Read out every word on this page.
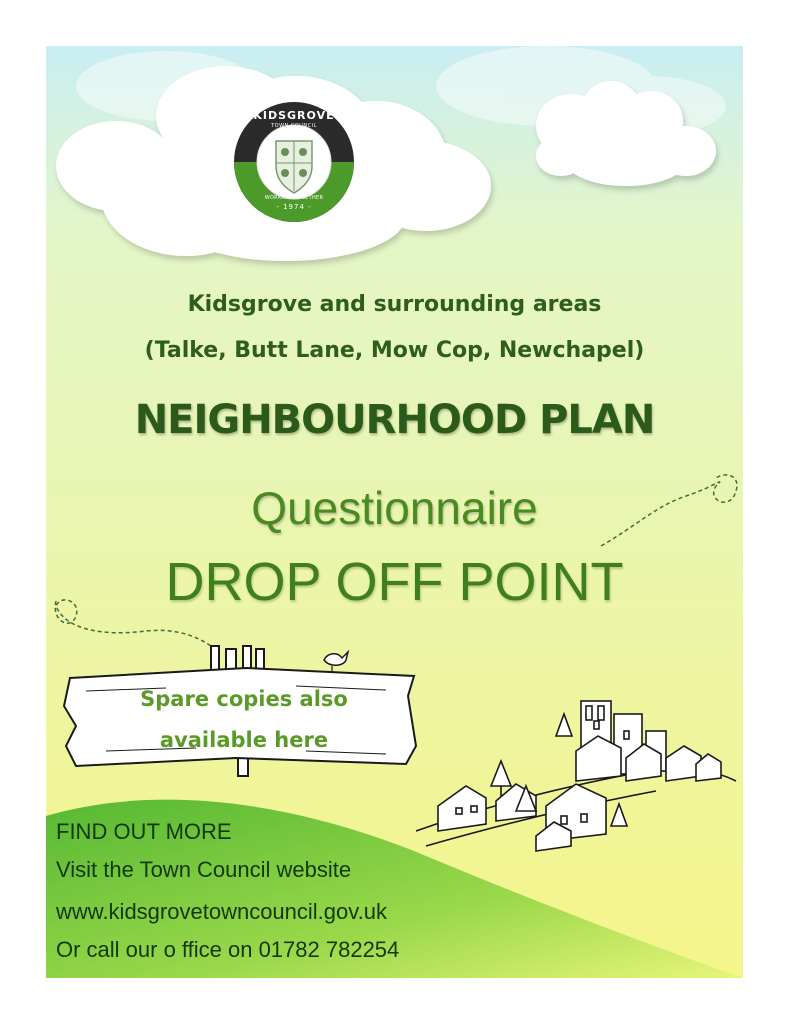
KIDSGROVE
TOWN COUNCIL
WORKING TOGETHER
- 1974 -
Kidsgrove and surrounding areas
(Talke, Butt Lane, Mow Cop, Newchapel)
NEIGHBOURHOOD PLAN
Questionnaire
DROP OFF POINT
Spare copies also
available here
FIND OUT MORE
Visit the Town Council website
www.kidsgrovetowncouncil.gov.uk
Or call our o ffice on 01782 782254
